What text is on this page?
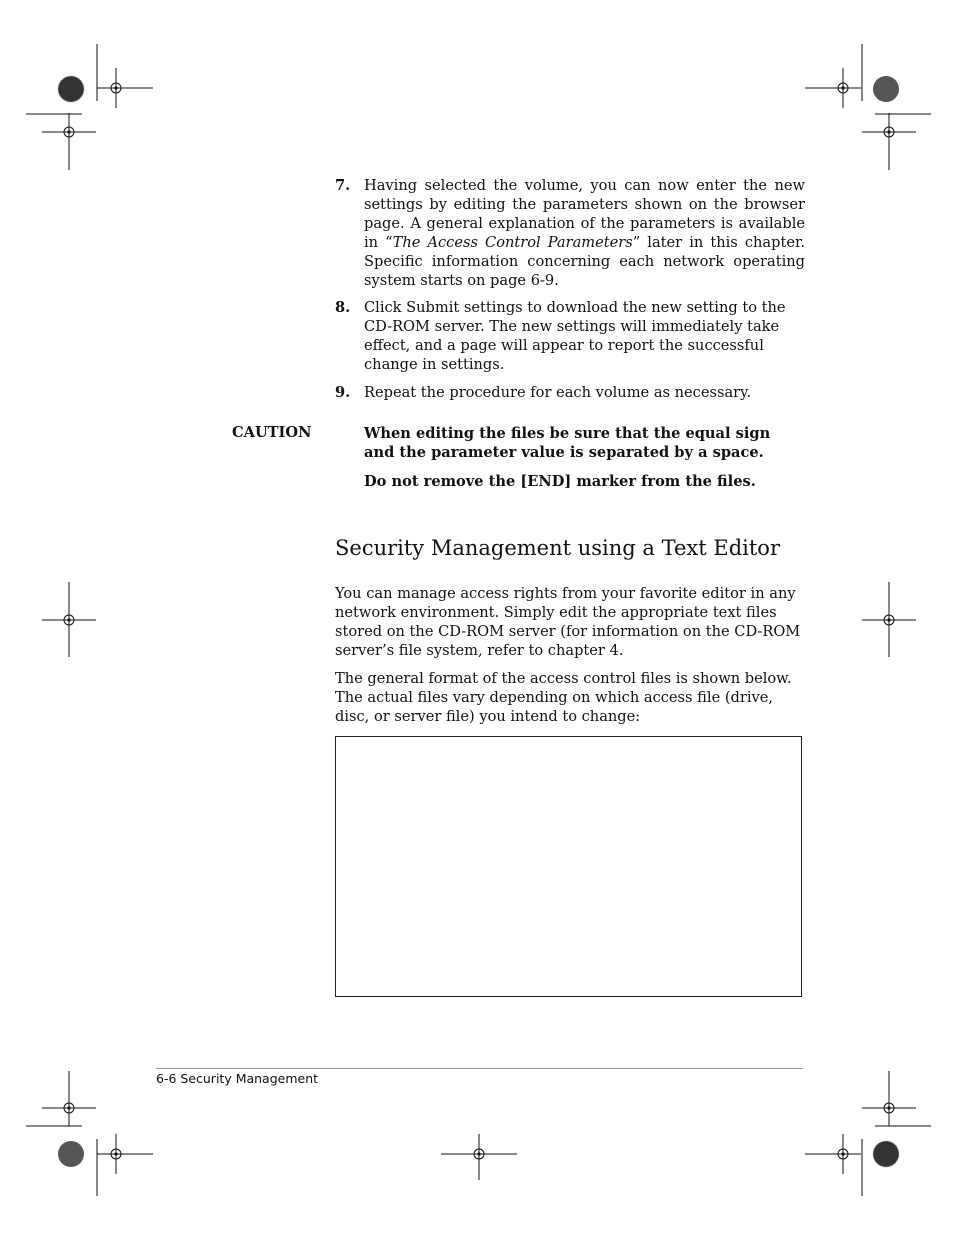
7. Having selected the volume, you can now enter the new settings by editing the parameters shown on the browser page. A general explanation of the parameters is available in “The Access Control Parameters” later in this chapter. Specific information concerning each network operating system starts on page 6-9.
8. Click Submit settings to download the new setting to the CD-ROM server. The new settings will immediately take effect, and a page will appear to report the successful change in settings.
9. Repeat the procedure for each volume as necessary.
CAUTION	When editing the files be sure that the equal sign and the parameter value is separated by a space.
Do not remove the [END] marker from the files.
Security Management using a Text Editor
You can manage access rights from your favorite editor in any network environment. Simply edit the appropriate text files stored on the CD-ROM server (for information on the CD-ROM server’s file system, refer to chapter 4.
The general format of the access control files is shown below. The actual files vary depending on which access file (drive, disc, or server file) you intend to change:
6-6 Security Management
